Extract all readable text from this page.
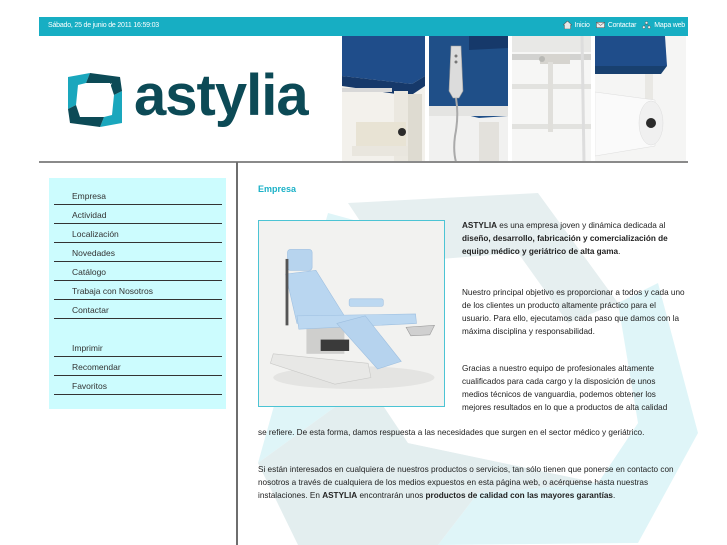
Sábado, 25 de junio de 2011 16:59:03	Inicio	Contactar	Mapa web
astylia
Empresa
Actividad
Localización
Novedades
Catálogo
Trabaja con Nosotros
Contactar
Imprimir
Recomendar
Favoritos
Empresa
ASTYLIA es una empresa joven y dinámica dedicada al diseño, desarrollo, fabricación y comercialización de equipo médico y geriátrico de alta gama.
Nuestro principal objetivo es proporcionar a todos y cada uno de los clientes un producto altamente práctico para el usuario. Para ello, ejecutamos cada paso que damos con la máxima disciplina y responsabilidad.
Gracias a nuestro equipo de profesionales altamente cualificados para cada cargo y la disposición de unos medios técnicos de vanguardia, podemos obtener los mejores resultados en lo que a productos de alta calidad
se refiere. De esta forma, damos respuesta a las necesidades que surgen en el sector médico y geriátrico.
Si están interesados en cualquiera de nuestros productos o servicios, tan sólo tienen que ponerse en contacto con nosotros a través de cualquiera de los medios expuestos en esta página web, o acérquense hasta nuestras instalaciones. En ASTYLIA encontrarán unos productos de calidad con las mayores garantías.
